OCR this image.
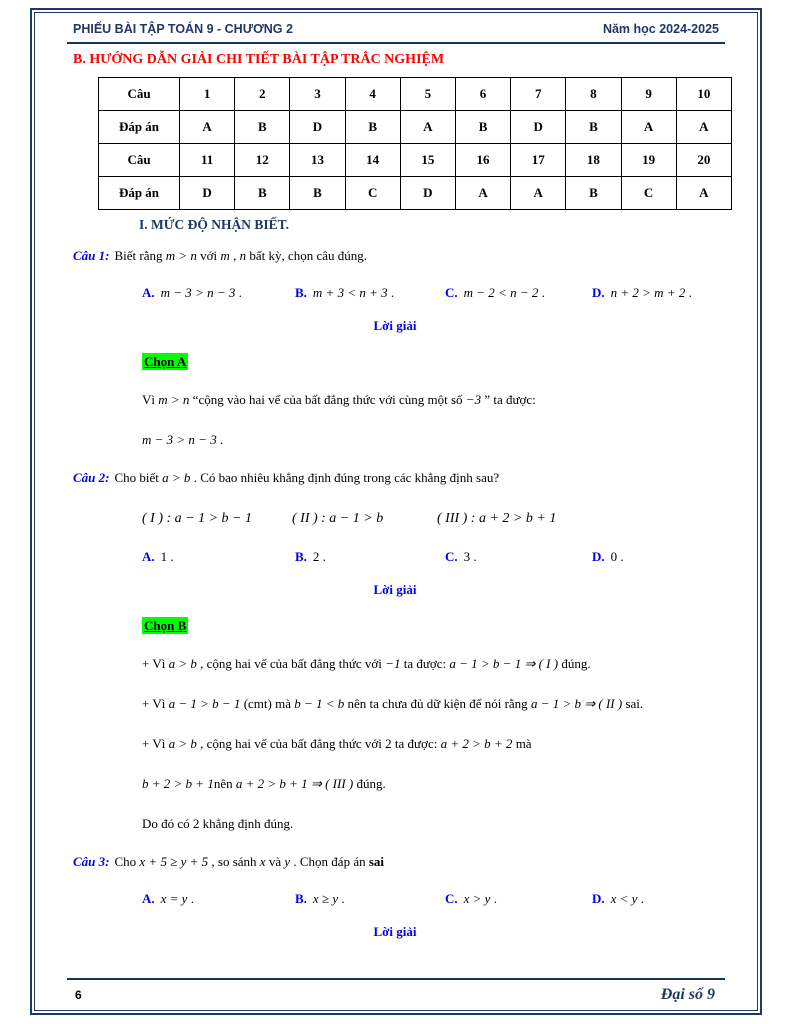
PHIẾU BÀI TẬP TOÁN 9 - CHƯƠNG 2	Năm học 2024-2025
B. HƯỚNG DẪN GIẢI CHI TIẾT BÀI TẬP TRẮC NGHIỆM
Câu	1	2	3	4	5	6	7	8	9	10
Đáp án	A	B	D	B	A	B	D	B	A	A
Câu	11	12	13	14	15	16	17	18	19	20
Đáp án	D	B	B	C	D	A	A	B	C	A
I. MỨC ĐỘ NHẬN BIẾT.

Câu 1: Biết rằng m > n với m , n bất kỳ, chọn câu đúng.

A. m − 3 > n − 3 .	B. m + 3 < n + 3 .	C. m − 2 < n − 2 .	D. n + 2 > m + 2 .

Lời giải

Chọn A

Vì m > n “cộng vào hai vế của bất đẳng thức với cùng một số −3 ” ta được:

m − 3 > n − 3 .

Câu 2: Cho biết a > b . Có bao nhiêu khẳng định đúng trong các khẳng định sau?

( I ) : a − 1 > b − 1	( II ) : a − 1 > b	( III ) : a + 2 > b + 1
A. 1 .	B. 2 .	C. 3 .	D. 0 .

Lời giải

Chọn B

+ Vì a > b , cộng hai vế của bất đẳng thức với −1 ta được: a − 1 > b − 1 ⇒ ( I ) đúng.

+ Vì a − 1 > b − 1 (cmt) mà b − 1 < b nên ta chưa đủ dữ kiện để nói rằng a − 1 > b ⇒ ( II ) sai.

+ Vì a > b , cộng hai vế của bất đẳng thức với 2 ta được: a + 2 > b + 2 mà

b + 2 > b + 1nên a + 2 > b + 1 ⇒ ( III ) đúng.

Do đó có 2 khẳng định đúng.

Câu 3: Cho x + 5 ≥ y + 5 , so sánh x và y . Chọn đáp án sai

A. x = y .	B. x ≥ y .	C. x > y .	D. x < y .

Lời giải

6	Đại số 9
